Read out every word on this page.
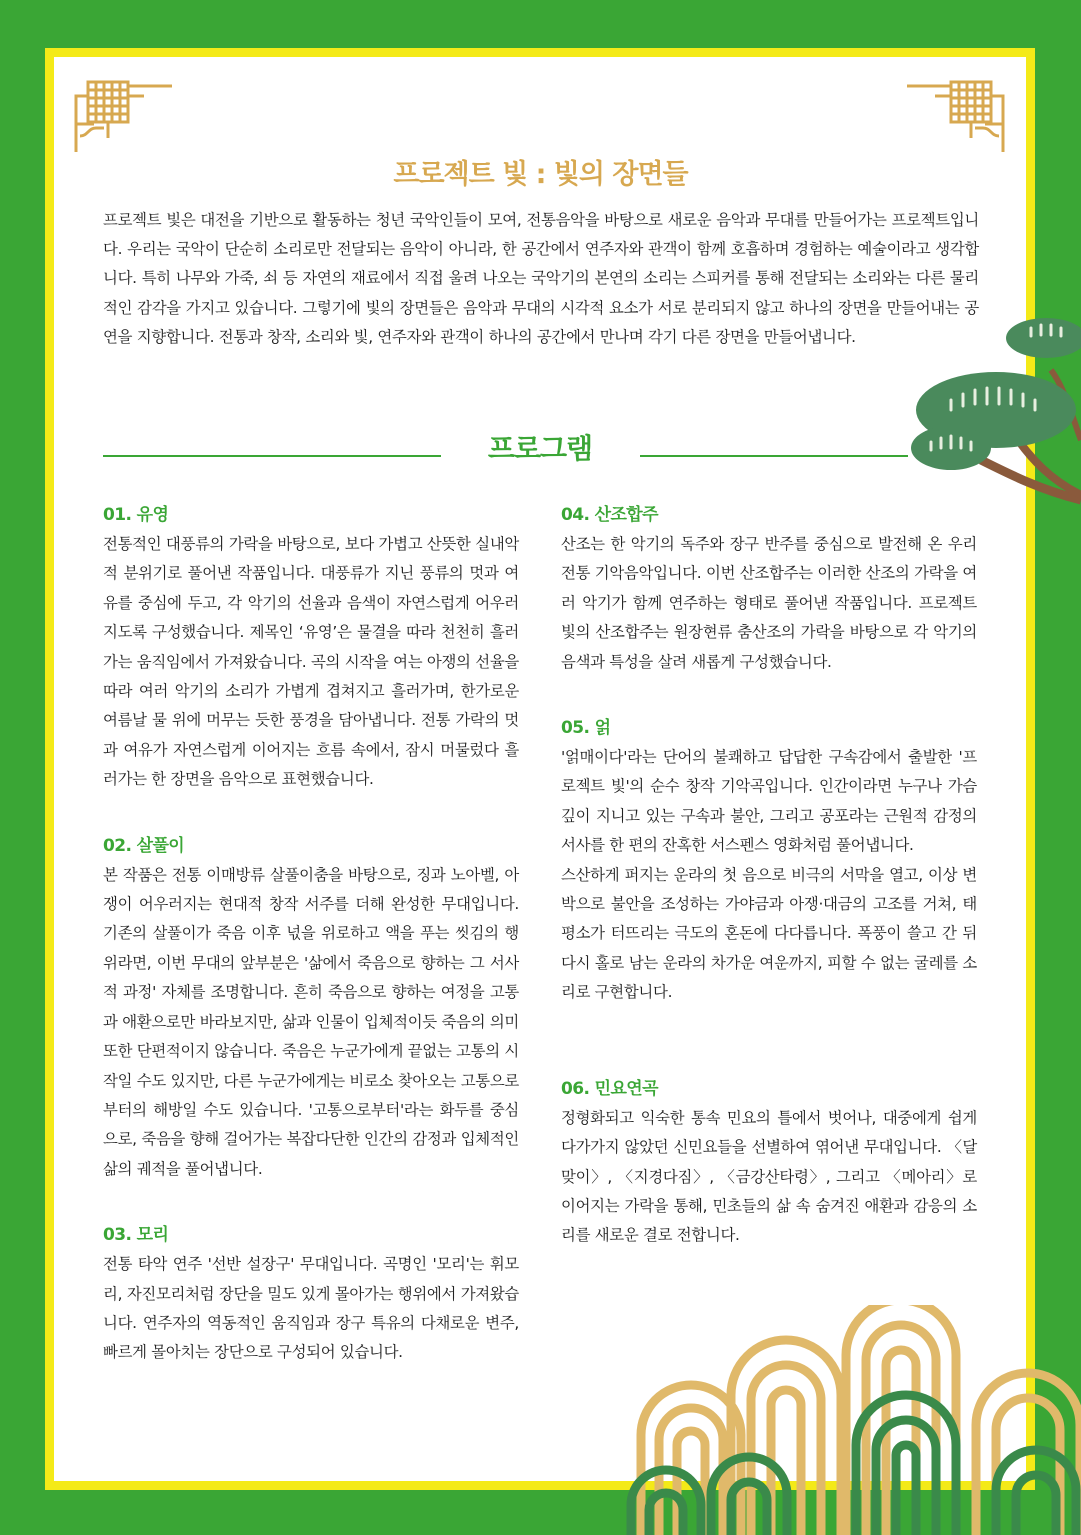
프로젝트 빛 : 빛의 장면들
프로젝트 빛은 대전을 기반으로 활동하는 청년 국악인들이 모여, 전통음악을 바탕으로 새로운 음악과 무대를 만들어가는 프로젝트입니다. 우리는 국악이 단순히 소리로만 전달되는 음악이 아니라, 한 공간에서 연주자와 관객이 함께 호흡하며 경험하는 예술이라고 생각합니다. 특히 나무와 가죽, 쇠 등 자연의 재료에서 직접 울려 나오는 국악기의 본연의 소리는 스피커를 통해 전달되는 소리와는 다른 물리적인 감각을 가지고 있습니다. 그렇기에 빛의 장면들은 음악과 무대의 시각적 요소가 서로 분리되지 않고 하나의 장면을 만들어내는 공연을 지향합니다. 전통과 창작, 소리와 빛, 연주자와 관객이 하나의 공간에서 만나며 각기 다른 장면을 만들어냅니다.
프로그램
01. 유영

전통적인 대풍류의 가락을 바탕으로, 보다 가볍고 산뜻한 실내악적 분위기로 풀어낸 작품입니다. 대풍류가 지닌 풍류의 멋과 여유를 중심에 두고, 각 악기의 선율과 음색이 자연스럽게 어우러지도록 구성했습니다. 제목인 ‘유영’은 물결을 따라 천천히 흘러가는 움직임에서 가져왔습니다. 곡의 시작을 여는 아쟁의 선율을 따라 여러 악기의 소리가 가볍게 겹쳐지고 흘러가며, 한가로운 여름날 물 위에 머무는 듯한 풍경을 담아냅니다. 전통 가락의 멋과 여유가 자연스럽게 이어지는 흐름 속에서, 잠시 머물렀다 흘러가는 한 장면을 음악으로 표현했습니다.

02. 살풀이

본 작품은 전통 이매방류 살풀이춤을 바탕으로, 징과 노아벨, 아쟁이 어우러지는 현대적 창작 서주를 더해 완성한 무대입니다. 기존의 살풀이가 죽음 이후 넋을 위로하고 액을 푸는 씻김의 행위라면, 이번 무대의 앞부분은 '삶에서 죽음으로 향하는 그 서사적 과정' 자체를 조명합니다. 흔히 죽음으로 향하는 여정을 고통과 애환으로만 바라보지만, 삶과 인물이 입체적이듯 죽음의 의미 또한 단편적이지 않습니다. 죽음은 누군가에게 끝없는 고통의 시작일 수도 있지만, 다른 누군가에게는 비로소 찾아오는 고통으로부터의 해방일 수도 있습니다. '고통으로부터'라는 화두를 중심으로, 죽음을 향해 걸어가는 복잡다단한 인간의 감정과 입체적인 삶의 궤적을 풀어냅니다.

03. 모리

전통 타악 연주 '선반 설장구' 무대입니다. 곡명인 '모리'는 휘모리, 자진모리처럼 장단을 밀도 있게 몰아가는 행위에서 가져왔습니다. 연주자의 역동적인 움직임과 장구 특유의 다채로운 변주, 빠르게 몰아치는 장단으로 구성되어 있습니다.

04. 산조합주

산조는 한 악기의 독주와 장구 반주를 중심으로 발전해 온 우리 전통 기악음악입니다. 이번 산조합주는 이러한 산조의 가락을 여러 악기가 함께 연주하는 형태로 풀어낸 작품입니다. 프로젝트 빛의 산조합주는 원장현류 춤산조의 가락을 바탕으로 각 악기의 음색과 특성을 살려 새롭게 구성했습니다.

05. 얽

'얽매이다'라는 단어의 불쾌하고 답답한 구속감에서 출발한 '프로젝트 빛'의 순수 창작 기악곡입니다. 인간이라면 누구나 가슴 깊이 지니고 있는 구속과 불안, 그리고 공포라는 근원적 감정의 서사를 한 편의 잔혹한 서스펜스 영화처럼 풀어냅니다.

스산하게 퍼지는 운라의 첫 음으로 비극의 서막을 열고, 이상 변박으로 불안을 조성하는 가야금과 아쟁·대금의 고조를 거쳐, 태평소가 터뜨리는 극도의 혼돈에 다다릅니다. 폭풍이 쓸고 간 뒤 다시 홀로 남는 운라의 차가운 여운까지, 피할 수 없는 굴레를 소리로 구현합니다.

06. 민요연곡

정형화되고 익숙한 통속 민요의 틀에서 벗어나, 대중에게 쉽게 다가가지 않았던 신민요들을 선별하여 엮어낸 무대입니다. 〈달맞이〉, 〈지경다짐〉, 〈금강산타령〉, 그리고 〈메아리〉로 이어지는 가락을 통해, 민초들의 삶 속 숨겨진 애환과 감응의 소리를 새로운 결로 전합니다.
